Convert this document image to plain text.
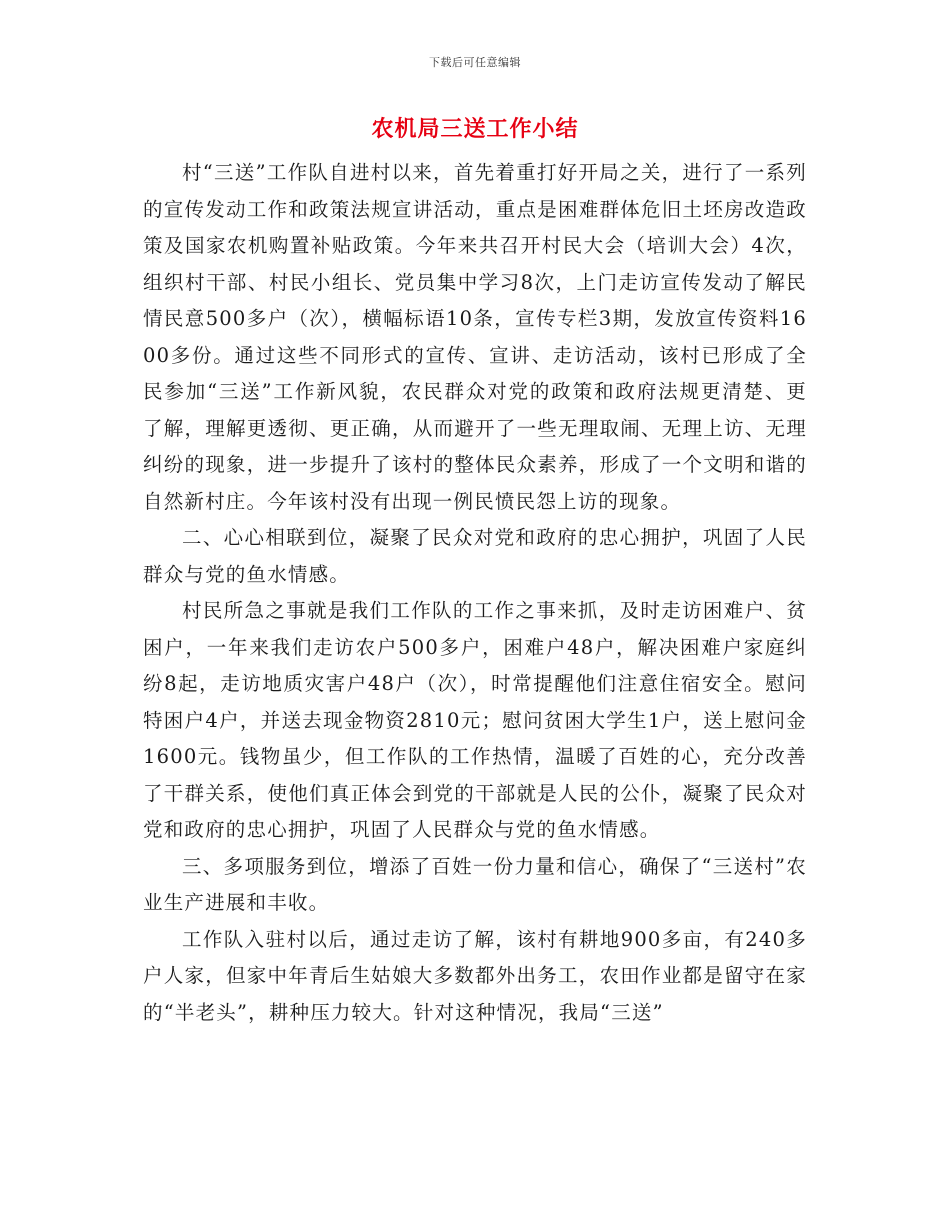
下载后可任意编辑
农机局三送工作小结

村“三送”工作队自进村以来，首先着重打好开局之关，进行了一系列的宣传发动工作和政策法规宣讲活动，重点是困难群体危旧土坯房改造政策及国家农机购置补贴政策。今年来共召开村民大会（培训大会）4次，组织村干部、村民小组长、党员集中学习8次，上门走访宣传发动了解民情民意500多户（次），横幅标语10条，宣传专栏3期，发放宣传资料1600多份。通过这些不同形式的宣传、宣讲、走访活动，该村已形成了全民参加“三送”工作新风貌，农民群众对党的政策和政府法规更清楚、更了解，理解更透彻、更正确，从而避开了一些无理取闹、无理上访、无理纠纷的现象，进一步提升了该村的整体民众素养，形成了一个文明和谐的自然新村庄。今年该村没有出现一例民愤民怨上访的现象。

二、心心相联到位，凝聚了民众对党和政府的忠心拥护，巩固了人民群众与党的鱼水情感。

村民所急之事就是我们工作队的工作之事来抓，及时走访困难户、贫困户，一年来我们走访农户500多户，困难户48户，解决困难户家庭纠纷8起，走访地质灾害户48户（次），时常提醒他们注意住宿安全。慰问特困户4户，并送去现金物资2810元；慰问贫困大学生1户，送上慰问金1600元。钱物虽少，但工作队的工作热情，温暖了百姓的心，充分改善了干群关系，使他们真正体会到党的干部就是人民的公仆，凝聚了民众对党和政府的忠心拥护，巩固了人民群众与党的鱼水情感。

三、多项服务到位，增添了百姓一份力量和信心，确保了“三送村”农业生产进展和丰收。

工作队入驻村以后，通过走访了解，该村有耕地900多亩，有240多户人家，但家中年青后生姑娘大多数都外出务工，农田作业都是留守在家的“半老头”，耕种压力较大。针对这种情况，我局“三送”
